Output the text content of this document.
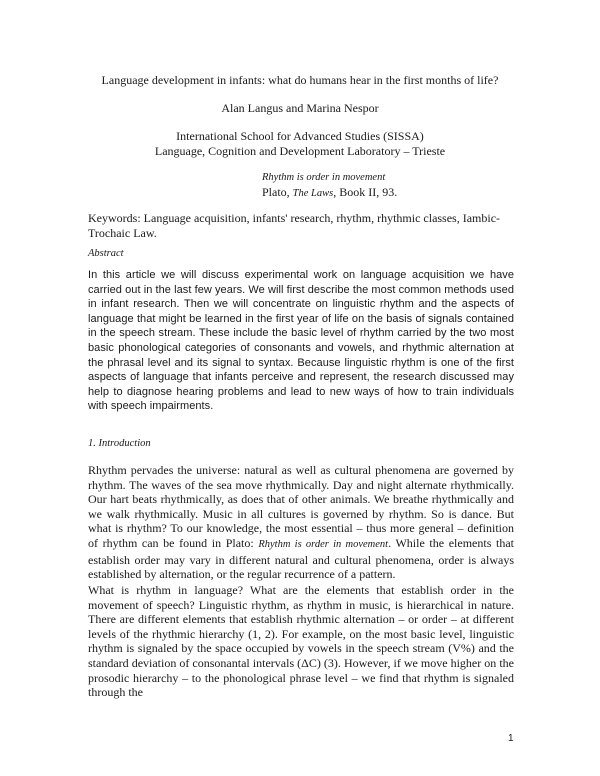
Language development in infants: what do humans hear in the first months of life?
Alan Langus and Marina Nespor
International School for Advanced Studies (SISSA)
Language, Cognition and Development Laboratory – Trieste
Rhythm is order in movement
Plato, The Laws, Book II, 93.
Keywords: Language acquisition, infants' research, rhythm, rhythmic classes, Iambic-Trochaic Law.
Abstract
In this article we will discuss experimental work on language acquisition we have carried out in the last few years. We will first describe the most common methods used in infant research. Then we will concentrate on linguistic rhythm and the aspects of language that might be learned in the first year of life on the basis of signals contained in the speech stream. These include the basic level of rhythm carried by the two most basic phonological categories of consonants and vowels, and rhythmic alternation at the phrasal level and its signal to syntax. Because linguistic rhythm is one of the first aspects of language that infants perceive and represent, the research discussed may help to diagnose hearing problems and lead to new ways of how to train individuals with speech impairments.
1. Introduction
Rhythm pervades the universe: natural as well as cultural phenomena are governed by rhythm. The waves of the sea move rhythmically. Day and night alternate rhythmically. Our hart beats rhythmically, as does that of other animals. We breathe rhythmically and we walk rhythmically. Music in all cultures is governed by rhythm. So is dance. But what is rhythm? To our knowledge, the most essential – thus more general – definition of rhythm can be found in Plato: Rhythm is order in movement. While the elements that establish order may vary in different natural and cultural phenomena, order is always established by alternation, or the regular recurrence of a pattern.
What is rhythm in language? What are the elements that establish order in the movement of speech? Linguistic rhythm, as rhythm in music, is hierarchical in nature. There are different elements that establish rhythmic alternation – or order – at different levels of the rhythmic hierarchy (1, 2). For example, on the most basic level, linguistic rhythm is signaled by the space occupied by vowels in the speech stream (V%) and the standard deviation of consonantal intervals (ΔC) (3). However, if we move higher on the prosodic hierarchy – to the phonological phrase level – we find that rhythm is signaled through the
1
